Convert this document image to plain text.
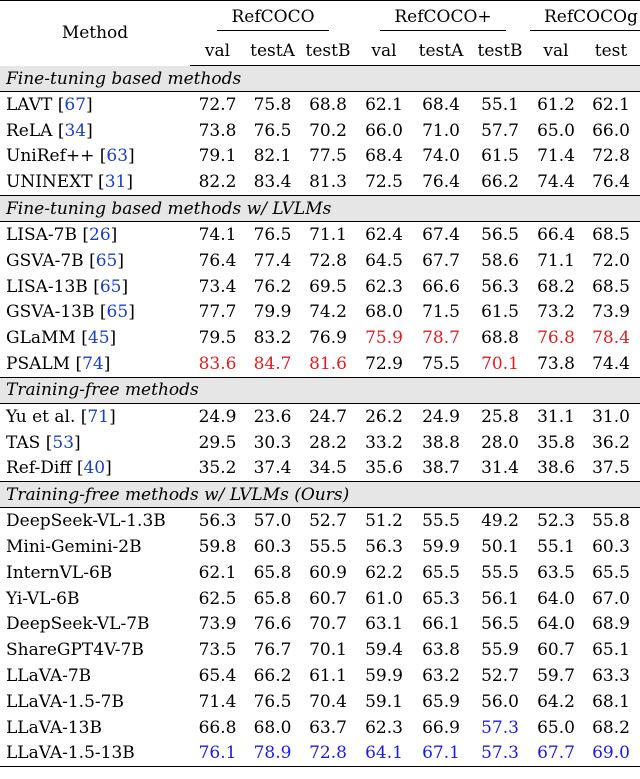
Method	RefCOCO			RefCOCO+			RefCOCOg	
	val	testA	testB	val	testA	testB	val	test
Fine-tuning based methods								
LAVT [67]	72.7	75.8	68.8	62.1	68.4	55.1	61.2	62.1
ReLA [34]	73.8	76.5	70.2	66.0	71.0	57.7	65.0	66.0
UniRef++ [63]	79.1	82.1	77.5	68.4	74.0	61.5	71.4	72.8
UNINEXT [31]	82.2	83.4	81.3	72.5	76.4	66.2	74.4	76.4
Fine-tuning based methods w/ LVLMs								
LISA-7B [26]	74.1	76.5	71.1	62.4	67.4	56.5	66.4	68.5
GSVA-7B [65]	76.4	77.4	72.8	64.5	67.7	58.6	71.1	72.0
LISA-13B [65]	73.4	76.2	69.5	62.3	66.6	56.3	68.2	68.5
GSVA-13B [65]	77.7	79.9	74.2	68.0	71.5	61.5	73.2	73.9
GLaMM [45]	79.5	83.2	76.9	75.9	78.7	68.8	76.8	78.4
PSALM [74]	83.6	84.7	81.6	72.9	75.5	70.1	73.8	74.4
Training-free methods								
Yu et al. [71]	24.9	23.6	24.7	26.2	24.9	25.8	31.1	31.0
TAS [53]	29.5	30.3	28.2	33.2	38.8	28.0	35.8	36.2
Ref-Diff [40]	35.2	37.4	34.5	35.6	38.7	31.4	38.6	37.5
Training-free methods w/ LVLMs (Ours)								
DeepSeek-VL-1.3B	56.3	57.0	52.7	51.2	55.5	49.2	52.3	55.8
Mini-Gemini-2B	59.8	60.3	55.5	56.3	59.9	50.1	55.1	60.3
InternVL-6B	62.1	65.8	60.9	62.2	65.5	55.5	63.5	65.5
Yi-VL-6B	62.5	65.8	60.7	61.0	65.3	56.1	64.0	67.0
DeepSeek-VL-7B	73.9	76.6	70.7	63.1	66.1	56.5	64.0	68.9
ShareGPT4V-7B	73.5	76.7	70.1	59.4	63.8	55.9	60.7	65.1
LLaVA-7B	65.4	66.2	61.1	59.9	63.2	52.7	59.7	63.3
LLaVA-1.5-7B	71.4	76.5	70.4	59.1	65.9	56.0	64.2	68.1
LLaVA-13B	66.8	68.0	63.7	62.3	66.9	57.3	65.0	68.2
LLaVA-1.5-13B	76.1	78.9	72.8	64.1	67.1	57.3	67.7	69.0
